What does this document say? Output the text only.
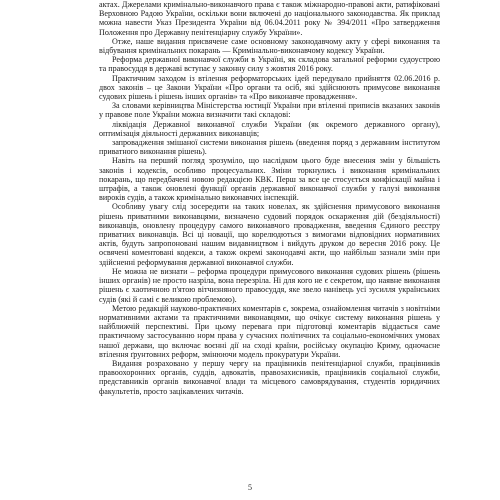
актах. Джерелами кримінально-виконавчого права є також міжнародно-правові акти, ратифіковані Верховною Радою України, оскільки вони включені до національного законодавства. Як приклад можна навести Указ Президента України від 06.04.2011 року № 394/2011 «Про затвердження Положення про Державну пенітенціарну службу України».

Отже, наше видання присвячене саме основному законодавчому акту у сфері виконання та відбування кримінальних покарань — Кримінально-виконавчому кодексу України.

Реформа державної виконавчої служби в Україні, як складова загальної реформи судоустрою та правосуддя в державі вступає у законну силу з жовтня 2016 року.

Практичним заходом із втілення реформаторських ідей передувало прийняття 02.06.2016 р. двох законів – це Закони України «Про органи та осіб, які здійснюють примусове виконання судових рішень і рішень інших органів» та «Про виконавче провадження».

За словами керівництва Міністерства юстиції України при втіленні приписів вказаних законів у правове поле України можна визначити такі складові:

ліквідація Державної виконавчої служби України (як окремого державного органу), оптимізація діяльності державних виконавців;

запровадження змішаної системи виконання рішень (введення поряд з державним інститутом приватного виконання рішень).

Навіть на перший погляд зрозуміло, що наслідком цього буде внесення змін у більшість законів і кодексів, особливо процесуальних. Зміни торкнулись і виконання кримінальних покарань, що передбачені новою редакцією КВК. Перш за все це стосується конфіскації майна і штрафів, а також оновлені функції органів державної виконавчої служби у галузі виконання вироків судів, а також кримінально виконавчих інспекцій.

Особливу увагу слід зосередити на таких новелах, як здійснення примусового виконання рішень приватними виконавцями, визначено судовий порядок оскарження дій (бездіяльності) виконавців, оновлену процедуру самого виконавчого провадження, введення Єдиного реєстру приватних виконавців. Всі ці новації, що корелюдються з вимогами відповідних нормативних актів, будуть запропоновані нашим видавництвом і вийдуть друком до вересня 2016 року. Це освячені коментовані кодекси, а також окремі законодавчі акти, що найбільш зазнали змін при здійсненні реформування державної виконавчої служби.

Не можна не визнати – реформа процедури примусового виконання судових рішень (рішень інших органів) не просто назріла, вона перезріла. Ні для кого не є секретом, що наявне виконання рішень є хаотичною п'ятою вітчизняного правосуддя, яке звело нанівець усі зусилля українських судів (які й самі є великою проблемою).

Метою редакцій науково-практичних коментарів є, зокрема, ознайомлення читачів з новітніми нормативними актами та практичними виконавцями, що очікує систему виконання рішень у найближчій перспективі. При цьому перевага при підготовці коментарів віддається саме практичному застосуванню норм права у сучасних політичних та соціально-економічних умовах нашої держави, що включає воєнні дії на сході країни, російську окупацію Криму, одночасне втілення ґрунтовних реформ, змінюючи модель прокуратури України.

Видання розраховано у першу чергу на працівників пенітенціарної служби, працівників правоохоронних органів, суддів, адвокатів, правозахисників, працівників соціальної служби, представників органів виконавчої влади та місцевого самоврядування, студентів юридичних факультетів, просто зацікавлених читачів.

5
